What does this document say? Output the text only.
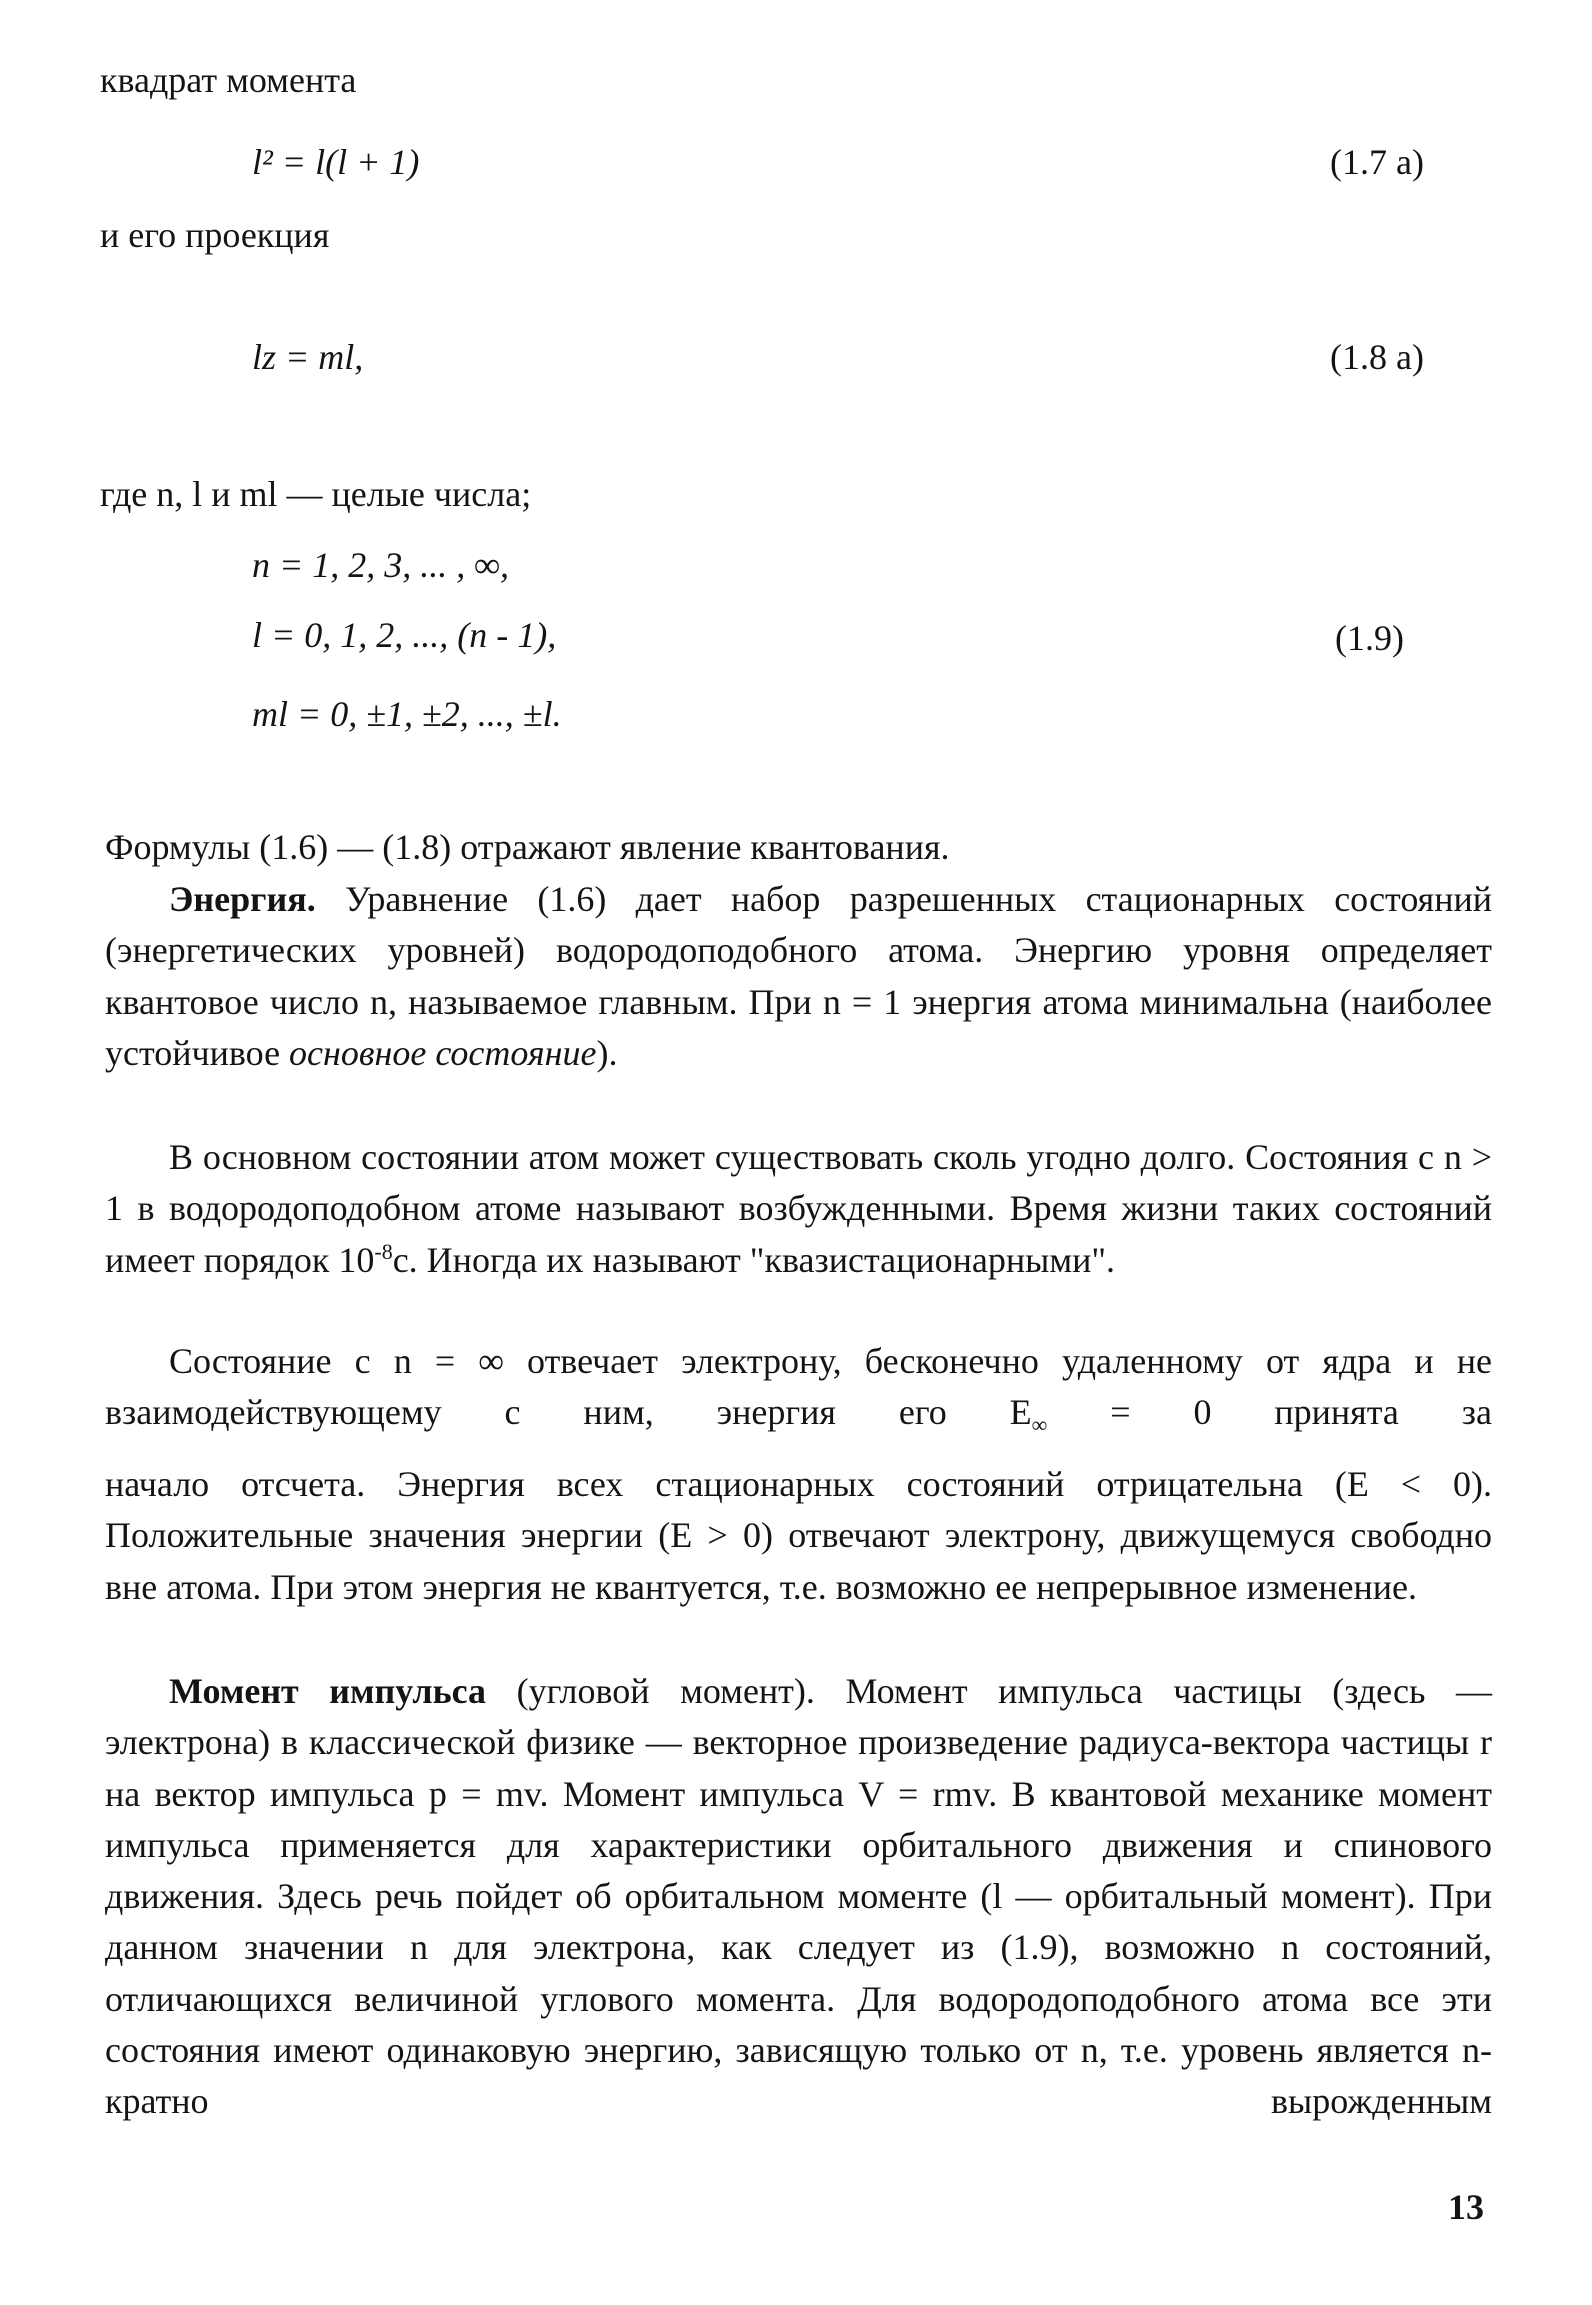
квадрат момента
l² = l(l + 1)	(1.7 a)
и его проекция
lz = ml,	(1.8 a)
где n, l и ml — целые числа;
n = 1, 2, 3, ... , ∞,
l = 0, 1, 2, ..., (n - 1),	(1.9)
ml = 0, ±1, ±2, ..., ±l.
Формулы (1.6) — (1.8) отражают явление квантования.
Энергия. Уравнение (1.6) дает набор разрешенных стационарных состояний (энергетических уровней) водородоподобного атома. Энергию уровня определяет квантовое число n, называемое главным. При n = 1 энергия атома минимальна (наиболее устойчивое основное состояние).
В основном состоянии атом может существовать сколь угодно долго. Состояния с n > 1 в водородоподобном атоме называют возбужденными. Время жизни таких состояний имеет порядок $10^{-8}с$. Иногда их называют "квазистационарными".
Состояние с n = ∞ отвечает электрону, бесконечно удаленному от ядра и не взаимодействующему с ним, энергия его $E_\infty = 0$ принята за
начало отсчета. Энергия всех стационарных состояний отрицательна (E < 0). Положительные значения энергии (E > 0) отвечают электрону, движущемуся свободно вне атома. При этом энергия не квантуется, т.е. возможно ее непрерывное изменение.
Момент импульса (угловой момент). Момент импульса частицы (здесь — электрона) в классической физике — векторное произведение радиуса-вектора частицы r на вектор импульса p = mv. Момент импульса V = rmv. В квантовой механике момент импульса применяется для характеристики орбитального движения и спинового движения. Здесь речь пойдет об орбитальном моменте (l — орбитальный момент). При данном значении n для электрона, как следует из (1.9), возможно n состояний, отличающихся величиной углового момента. Для водородоподобного атома все эти состояния имеют одинаковую энергию, зависящую только от n, т.е. уровень является n-кратно вырожденным
13
